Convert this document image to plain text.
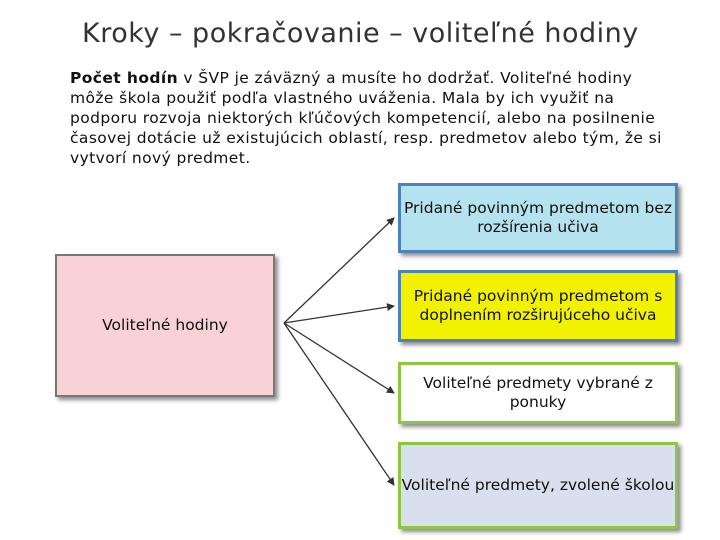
Kroky – pokračovanie – voliteľné hodiny
Počet hodín v ŠVP je záväzný a musíte ho dodržať. Voliteľné hodiny môže škola použiť podľa vlastného uváženia. Mala by ich využiť na podporu rozvoja niektorých kľúčových kompetencií, alebo na posilnenie časovej dotácie už existujúcich oblastí, resp. predmetov alebo tým, že si vytvorí nový predmet.
Voliteľné hodiny
Pridané povinným predmetom bez rozšírenia učiva
Pridané povinným predmetom s doplnením rozširujúceho učiva
Voliteľné predmety vybrané z ponuky
Voliteľné predmety, zvolené školou
